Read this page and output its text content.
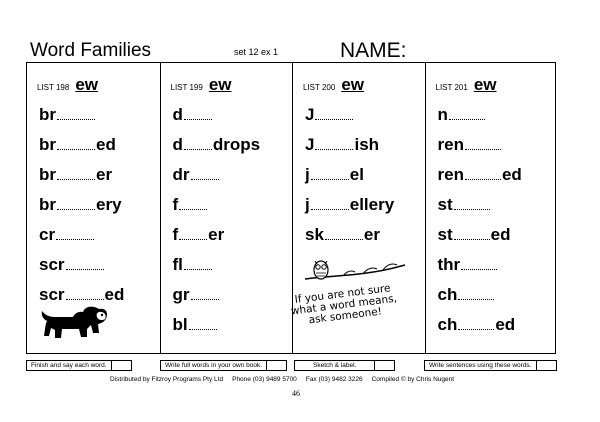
Word Families	set 12 ex 1	NAME:
LIST 198 ew
br
br ed
br er
br ery
cr
scr
scr ed
LIST 199 ew
d
d drops
dr
f
f er
fl
gr
bl
LIST 200 ew
J
J ish
j el
j ellery
sk er
LIST 201 ew
n
ren
ren ed
st
st ed
thr
ch
ch ed
If you are not sure what a word means, ask someone!
Finish and say each word.	Write full words in your own book.	Sketch & label.	Write sentences using these words.
Distributed by Fitzroy Programs Pty Ltd Phone (03) 9489 5700 Fax (03) 9482 3226 Compiled © by Chris Nugent
46
